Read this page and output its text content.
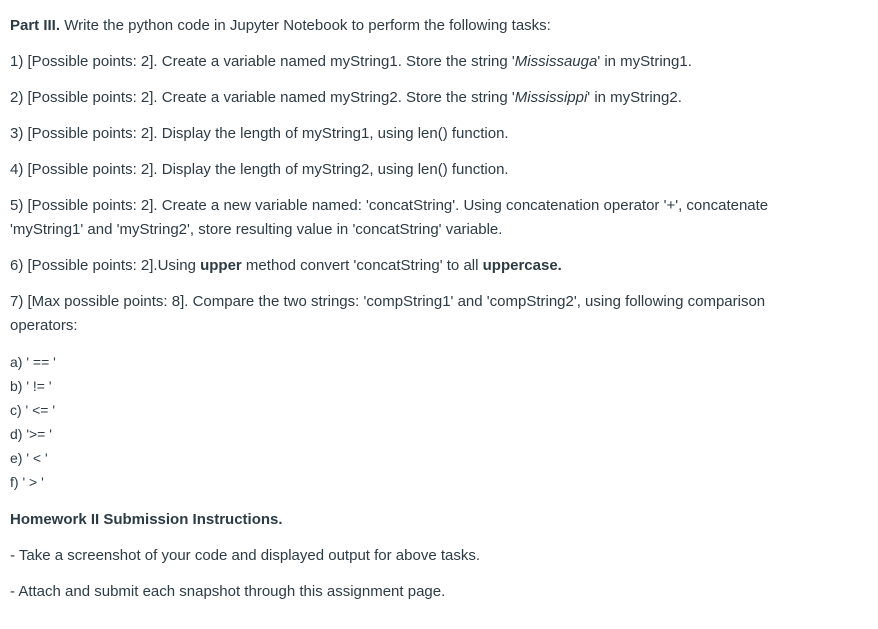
Part III. Write the python code in Jupyter Notebook to perform the following tasks:
1) [Possible points: 2]. Create a variable named myString1. Store the string 'Mississauga' in myString1.
2) [Possible points: 2]. Create a variable named myString2. Store the string 'Mississippi' in myString2.
3) [Possible points: 2]. Display the length of myString1, using len() function.
4) [Possible points: 2]. Display the length of myString2, using len() function.
5) [Possible points: 2]. Create a new variable named: 'concatString'. Using concatenation operator '+', concatenate
'myString1' and 'myString2', store resulting value in 'concatString' variable.
6) [Possible points: 2].Using upper method convert 'concatString' to all uppercase.
7) [Max possible points: 8]. Compare the two strings: 'compString1' and 'compString2', using following comparison
operators:
a) ' == '
b) ' != '
c) ' <= '
d) '>= '
e) ' < '
f) ' > '
Homework II Submission Instructions.
- Take a screenshot of your code and displayed output for above tasks.
- Attach and submit each snapshot through this assignment page.
